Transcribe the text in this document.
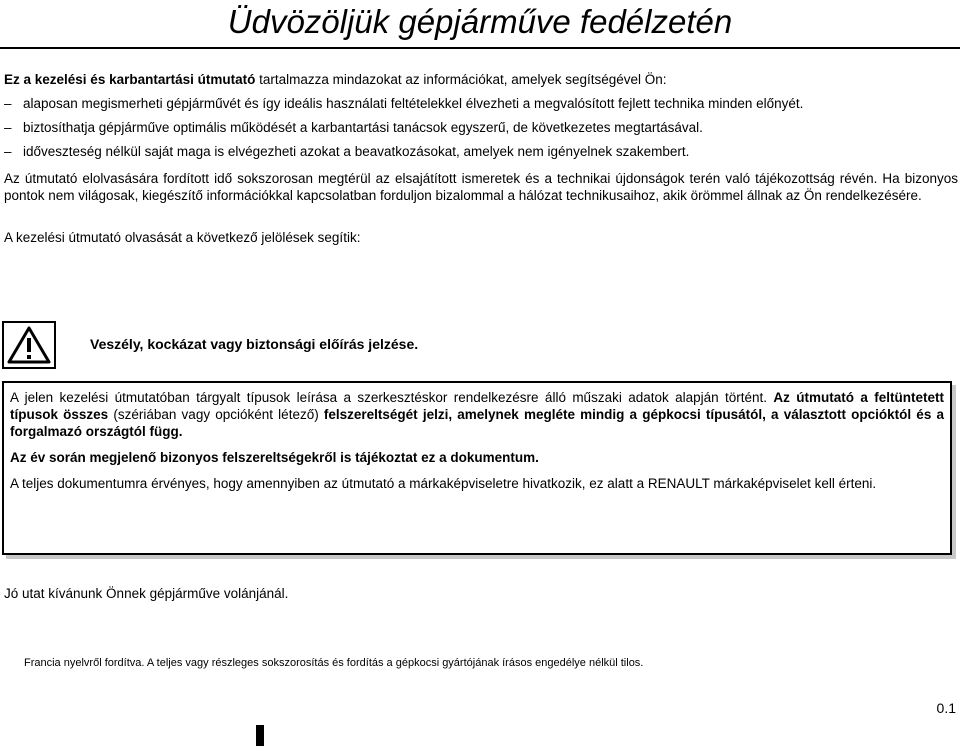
Üdvözöljük gépjárműve fedélzetén

Ez a kezelési és karbantartási útmutató tartalmazza mindazokat az információkat, amelyek segítségével Ön:

– alaposan megismerheti gépjárművét és így ideális használati feltételekkel élvezheti a megvalósított fejlett technika minden előnyét.
– biztosíthatja gépjárműve optimális működését a karbantartási tanácsok egyszerű, de következetes megtartásával.
– időveszteség nélkül saját maga is elvégezheti azokat a beavatkozásokat, amelyek nem igényelnek szakembert.

Az útmutató elolvasására fordított idő sokszorosan megtérül az elsajátított ismeretek és a technikai újdonságok terén való tájékozottság révén. Ha bizonyos pontok nem világosak, kiegészítő információkkal kapcsolatban forduljon bizalommal a hálózat technikusaihoz, akik örömmel állnak az Ön rendelkezésére.

A kezelési útmutató olvasását a következő jelölések segítik:

Veszély, kockázat vagy biztonsági előírás jelzése.

A jelen kezelési útmutatóban tárgyalt típusok leírása a szerkesztéskor rendelkezésre álló műszaki adatok alapján történt. Az útmutató a feltüntetett típusok összes (szériában vagy opcióként létező) felszereltségét jelzi, amelynek megléte mindig a gépkocsi típusától, a választott opcióktól és a forgalmazó országtól függ.

Az év során megjelenő bizonyos felszereltségekről is tájékoztat ez a dokumentum.

A teljes dokumentumra érvényes, hogy amennyiben az útmutató a márkaképviseletre hivatkozik, ez alatt a RENAULT márkaképviselet kell érteni.

Jó utat kívánunk Önnek gépjárműve volánjánál.
Francia nyelvről fordítva. A teljes vagy részleges sokszorosítás és fordítás a gépkocsi gyártójának írásos engedélye nélkül tilos.
0.1
